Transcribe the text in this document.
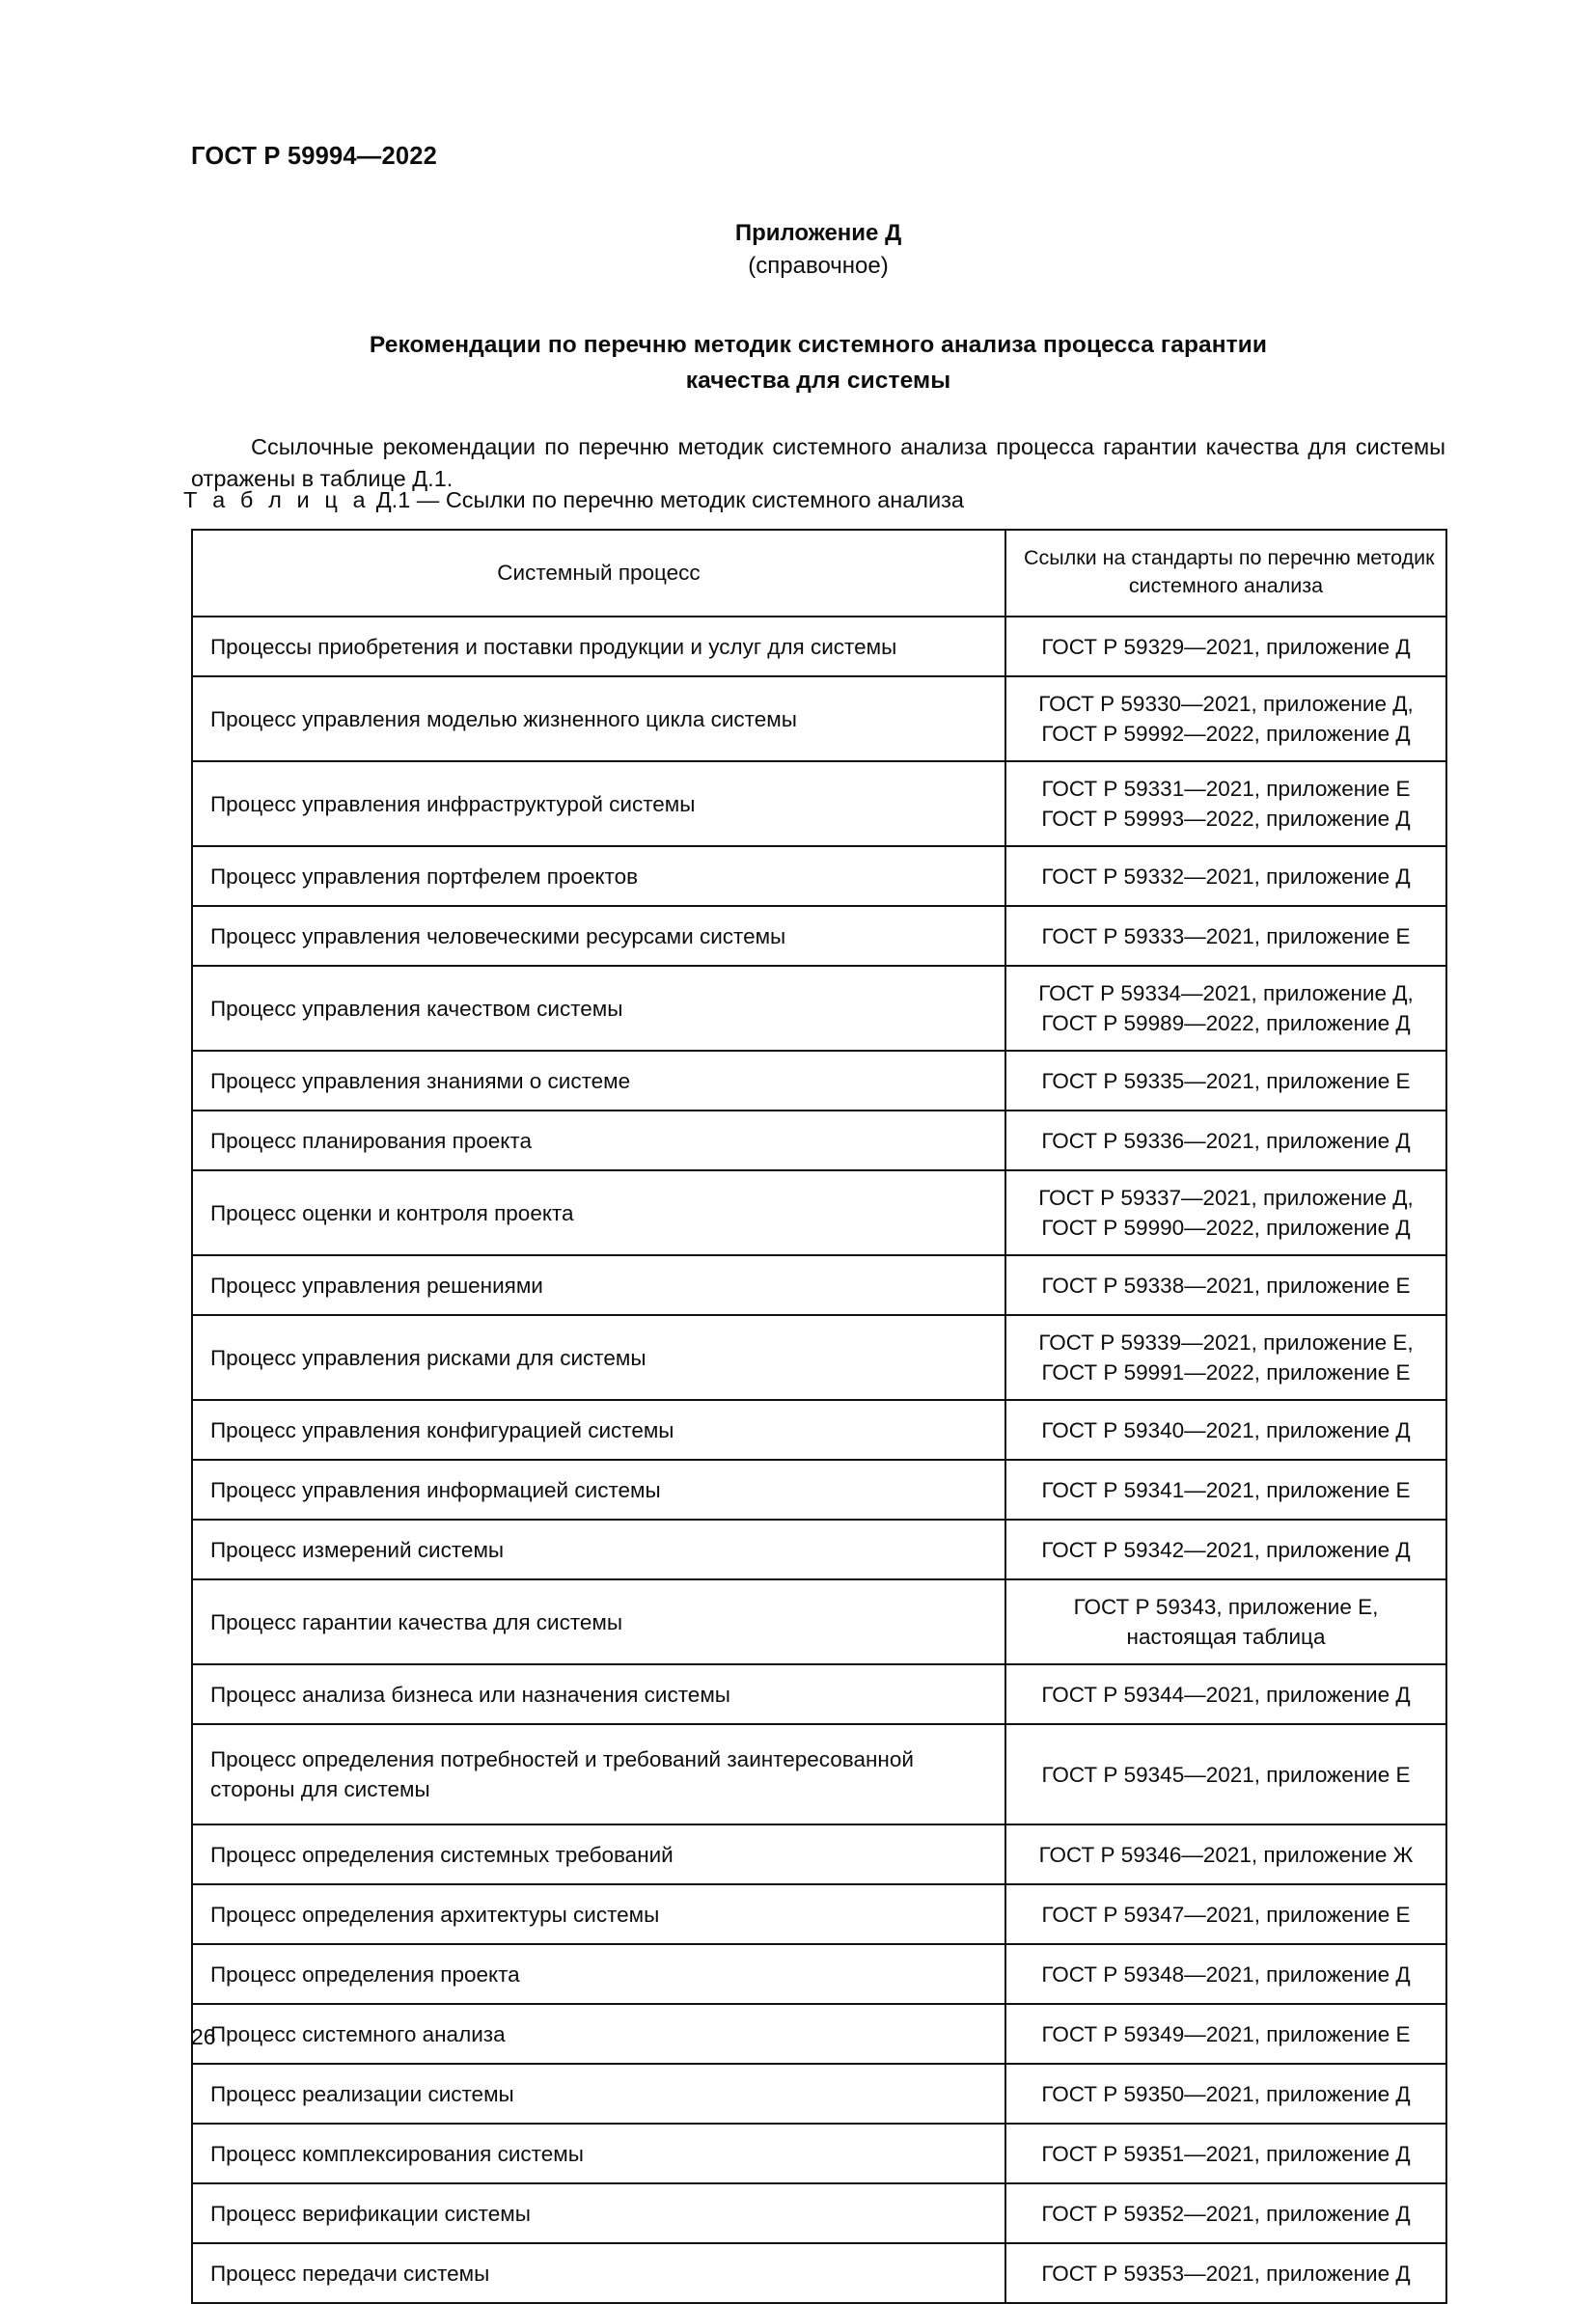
ГОСТ Р 59994—2022
Приложение Д
(справочное)
Рекомендации по перечню методик системного анализа процесса гарантии
качества для системы

Ссылочные рекомендации по перечню методик системного анализа процесса гарантии качества для системы отражены в таблице Д.1.

Т а б л и ц а Д.1 — Ссылки по перечню методик системного анализа
Системный процесс	Ссылки на стандарты по перечню методик
системного анализа

Процессы приобретения и поставки продукции и услуг для системы	ГОСТ Р 59329—2021, приложение Д

Процесс управления моделью жизненного цикла системы	ГОСТ Р 59330—2021, приложение Д,
ГОСТ Р 59992—2022, приложение Д

Процесс управления инфраструктурой системы	ГОСТ Р 59331—2021, приложение Е
ГОСТ Р 59993—2022, приложение Д

Процесс управления портфелем проектов	ГОСТ Р 59332—2021, приложение Д

Процесс управления человеческими ресурсами системы	ГОСТ Р 59333—2021, приложение Е

Процесс управления качеством системы	ГОСТ Р 59334—2021, приложение Д,
ГОСТ Р 59989—2022, приложение Д

Процесс управления знаниями о системе	ГОСТ Р 59335—2021, приложение Е

Процесс планирования проекта	ГОСТ Р 59336—2021, приложение Д

Процесс оценки и контроля проекта	ГОСТ Р 59337—2021, приложение Д,
ГОСТ Р 59990—2022, приложение Д

Процесс управления решениями	ГОСТ Р 59338—2021, приложение Е

Процесс управления рисками для системы	ГОСТ Р 59339—2021, приложение Е,
ГОСТ Р 59991—2022, приложение Е

Процесс управления конфигурацией системы	ГОСТ Р 59340—2021, приложение Д

Процесс управления информацией системы	ГОСТ Р 59341—2021, приложение Е

Процесс измерений системы	ГОСТ Р 59342—2021, приложение Д

Процесс гарантии качества для системы	ГОСТ Р 59343, приложение Е,
настоящая таблица

Процесс анализа бизнеса или назначения системы	ГОСТ Р 59344—2021, приложение Д

Процесс определения потребностей и требований заинтересованной стороны для системы	ГОСТ Р 59345—2021, приложение Е

Процесс определения системных требований	ГОСТ Р 59346—2021, приложение Ж

Процесс определения архитектуры системы	ГОСТ Р 59347—2021, приложение Е

Процесс определения проекта	ГОСТ Р 59348—2021, приложение Д

Процесс системного анализа	ГОСТ Р 59349—2021, приложение Е

Процесс реализации системы	ГОСТ Р 59350—2021, приложение Д

Процесс комплексирования системы	ГОСТ Р 59351—2021, приложение Д

Процесс верификации системы	ГОСТ Р 59352—2021, приложение Д

Процесс передачи системы	ГОСТ Р 59353—2021, приложение Д
26
